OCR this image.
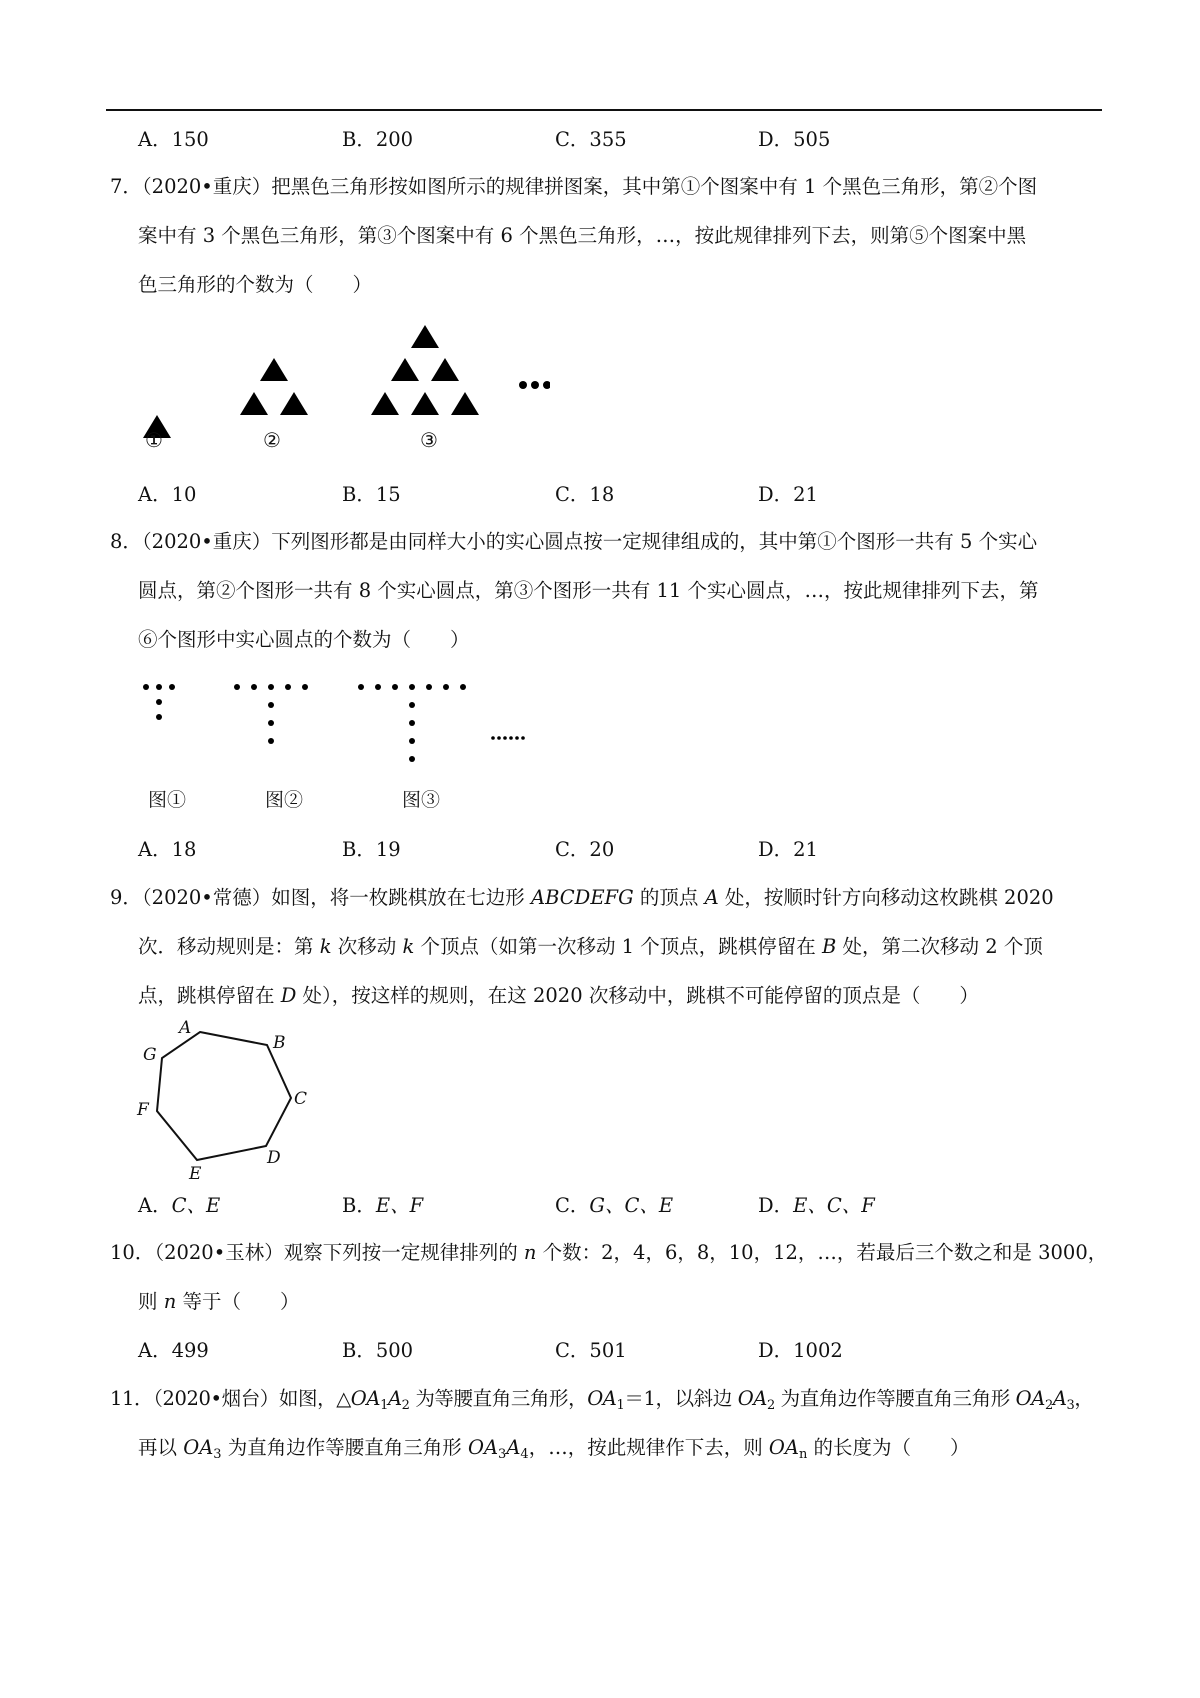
A．150	B．200	C．355	D．505
7．（2020•重庆）把黑色三角形按如图所示的规律拼图案，其中第①个图案中有 1 个黑色三角形，第②个图
案中有 3 个黑色三角形，第③个图案中有 6 个黑色三角形，…，按此规律排列下去，则第⑤个图案中黑
色三角形的个数为（　　）
①	②	③
A．10	B．15	C．18	D．21
8．（2020•重庆）下列图形都是由同样大小的实心圆点按一定规律组成的，其中第①个图形一共有 5 个实心
圆点，第②个图形一共有 8 个实心圆点，第③个图形一共有 11 个实心圆点，…，按此规律排列下去，第
⑥个图形中实心圆点的个数为（　　）
图①	图②	图③
A．18	B．19	C．20	D．21
9．（2020•常德）如图，将一枚跳棋放在七边形 ABCDEFG 的顶点 A 处，按顺时针方向移动这枚跳棋 2020
次．移动规则是：第 k 次移动 k 个顶点（如第一次移动 1 个顶点，跳棋停留在 B 处，第二次移动 2 个顶
点，跳棋停留在 D 处），按这样的规则，在这 2020 次移动中，跳棋不可能停留的顶点是（　　）
A
B
C
D
E
F
G
A．C、E	B．E、F	C．G、C、E	D．E、C、F
10．（2020•玉林）观察下列按一定规律排列的 n 个数：2，4，6，8，10，12，…，若最后三个数之和是 3000，
则 n 等于（　　）
A．499	B．500	C．501	D．1002
11．（2020•烟台）如图，$\triangle OA_1A_2$ 为等腰直角三角形，$OA_1=1$，以斜边 $OA_2$ 为直角边作等腰直角三角形 $OA_2A_3$，
再以 $OA_3$ 为直角边作等腰直角三角形 $OA_3A_4$，…，按此规律作下去，则 $OA_n$ 的长度为（　　）
